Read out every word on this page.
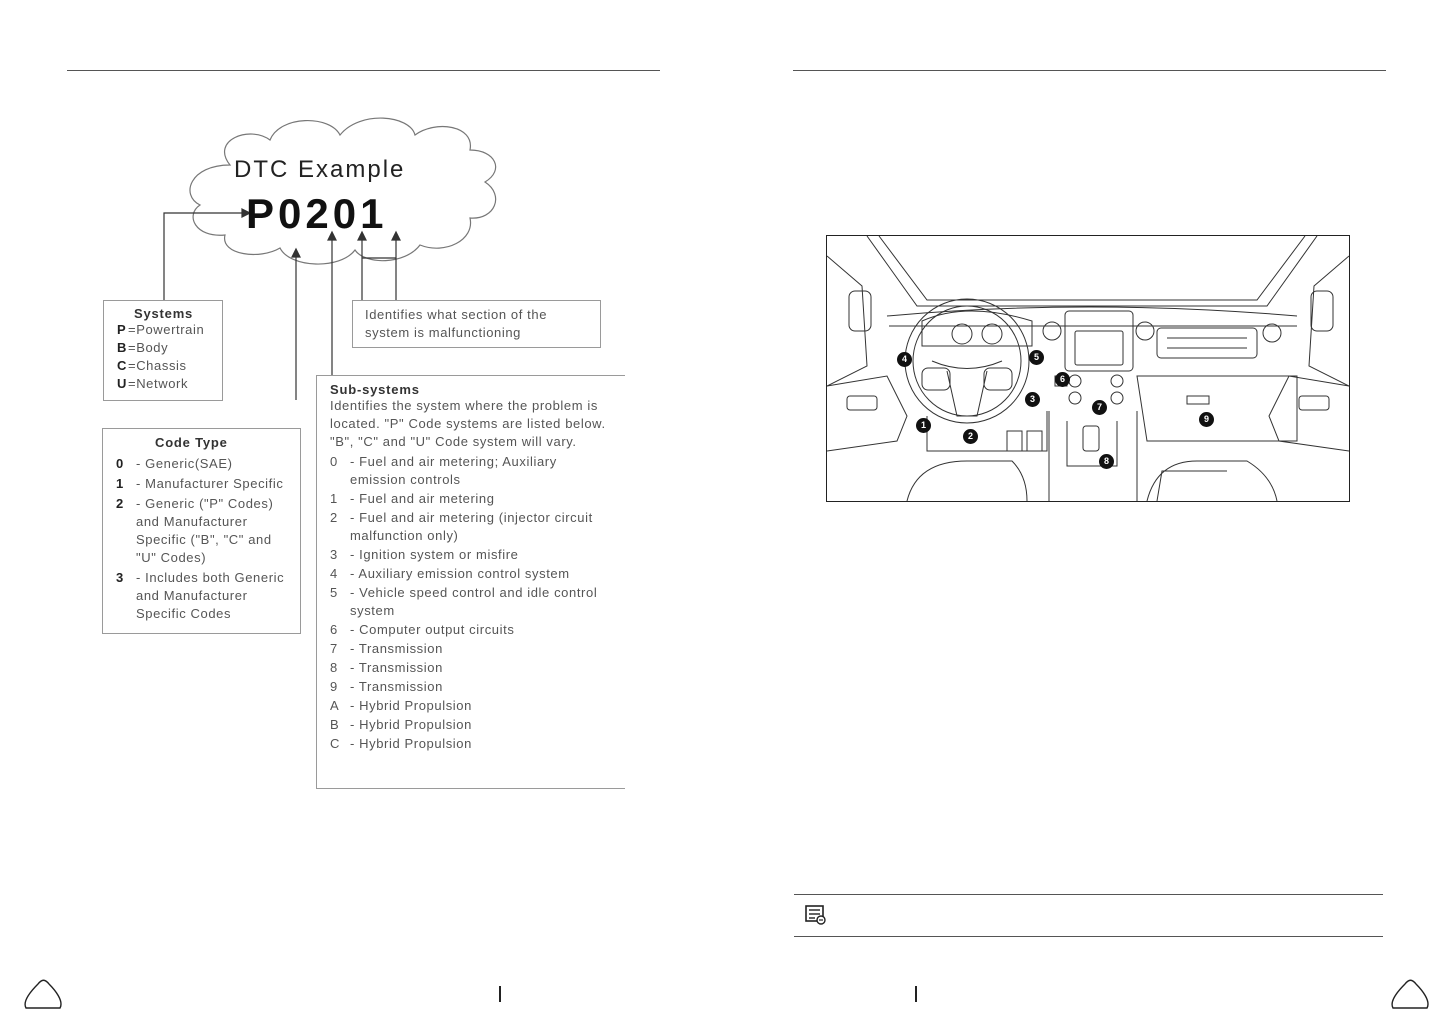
DTC Example
P0201
Systems
P =Powertrain
B =Body
C =Chassis
U =Network
Identifies what section of the system is malfunctioning
Code Type
0 - Generic(SAE)
1 - Manufacturer Specific
2 - Generic ("P" Codes) and Manufacturer Specific ("B", "C" and "U" Codes)
3 - Includes both Generic and Manufacturer Specific Codes
Sub-systems
Identifies the system where the problem is located. "P" Code systems are listed below. "B", "C" and "U" Code system will vary.
0 - Fuel and air metering; Auxiliary emission controls
1 - Fuel and air metering
2 - Fuel and air metering (injector circuit malfunction only)
3 - Ignition system or misfire
4 - Auxiliary emission control system
5 - Vehicle speed control and idle control system
6 - Computer output circuits
7 - Transmission
8 - Transmission
9 - Transmission
A - Hybrid Propulsion
B - Hybrid Propulsion
C - Hybrid Propulsion
1
2
3
4	5
6
7
8
9
